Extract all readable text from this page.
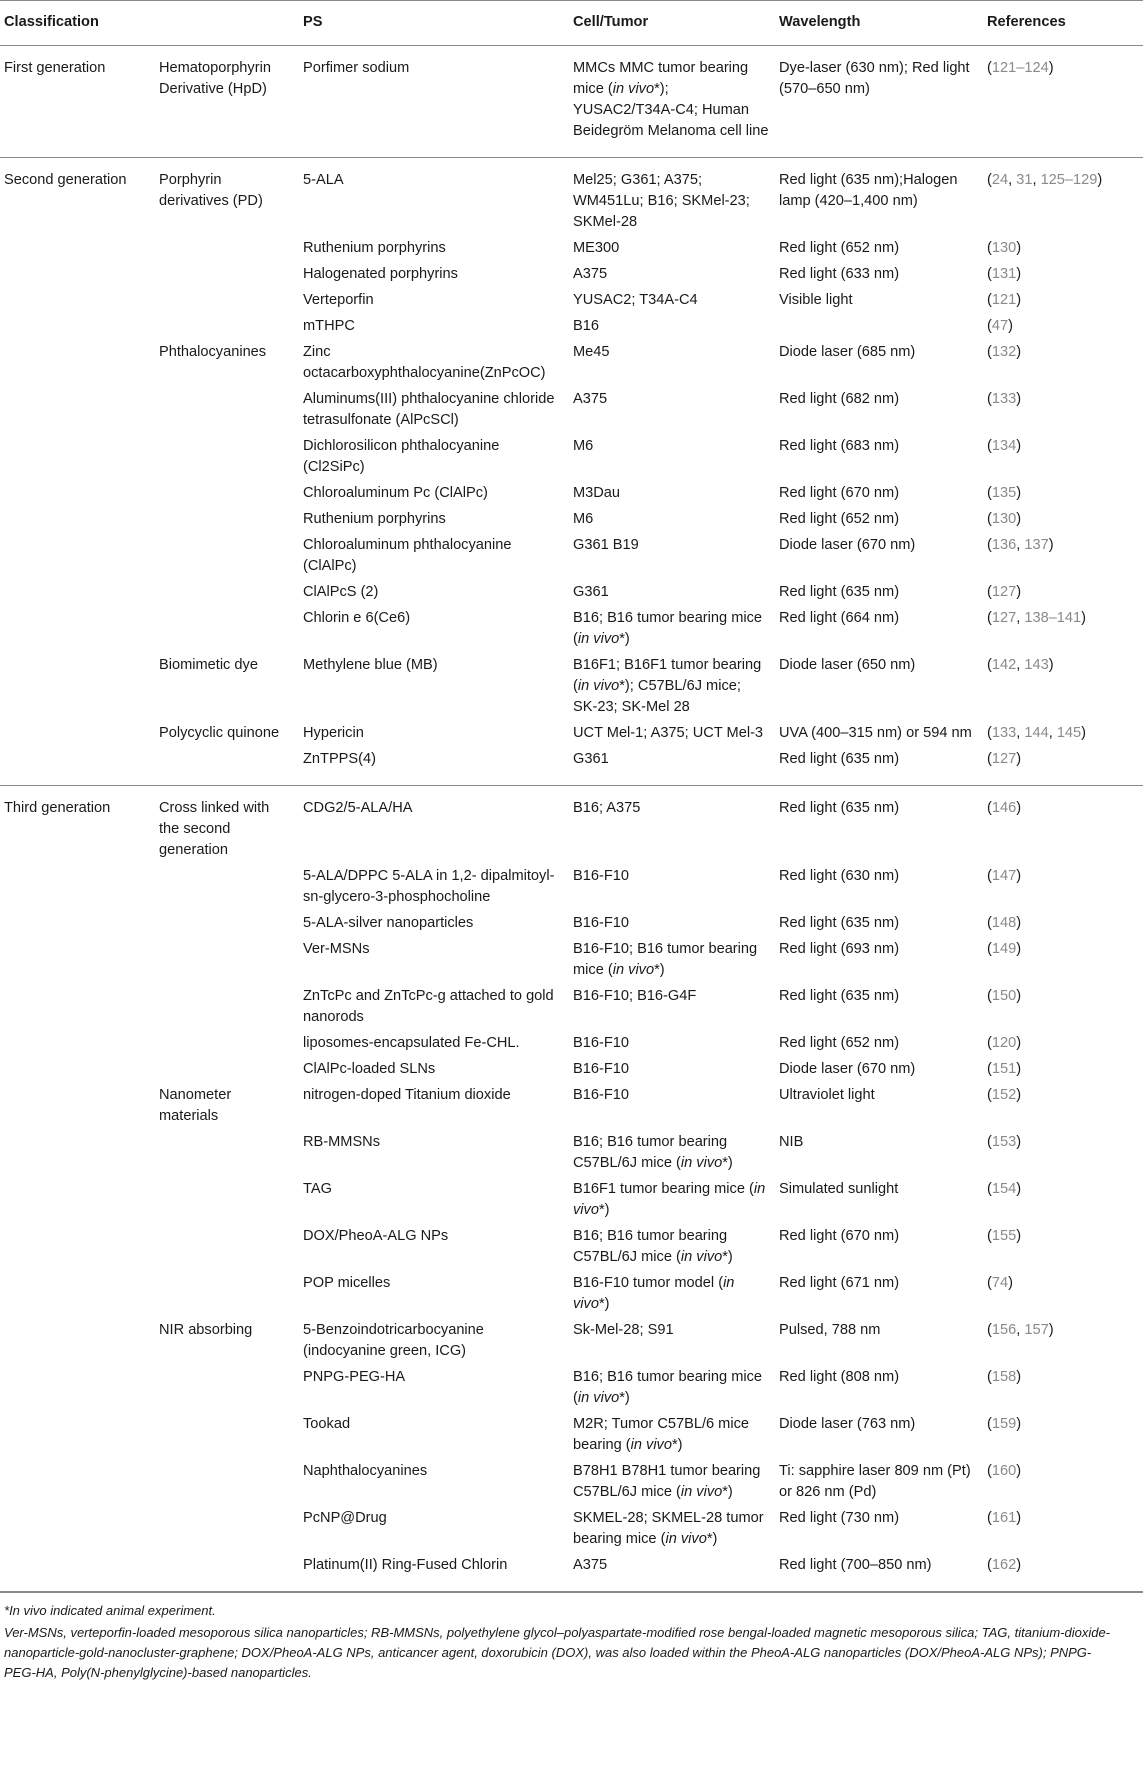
Classification		PS	Cell/Tumor	Wavelength	References
First generation	Hematoporphyrin Derivative (HpD)	Porfimer sodium	MMCs MMC tumor bearing mice (in vivo*); YUSAC2/T34A-C4; Human Beidegröm Melanoma cell line	Dye-laser (630 nm); Red light (570–650 nm)	(121–124)
Second generation	Porphyrin derivatives (PD)	5-ALA	Mel25; G361; A375; WM451Lu; B16; SKMel-23; SKMel-28	Red light (635 nm);Halogen lamp (420–1,400 nm)	(24, 31, 125–129)
		Ruthenium porphyrins	ME300	Red light (652 nm)	(130)
		Halogenated porphyrins	A375	Red light (633 nm)	(131)
		Verteporfin	YUSAC2; T34A-C4	Visible light	(121)
		mTHPC	B16		(47)
	Phthalocyanines	Zinc octacarboxyphthalocyanine(ZnPcOC)	Me45	Diode laser (685 nm)	(132)
		Aluminums(III) phthalocyanine chloride tetrasulfonate (AlPcSCl)	A375	Red light (682 nm)	(133)
		Dichlorosilicon phthalocyanine (Cl2SiPc)	M6	Red light (683 nm)	(134)
		Chloroaluminum Pc (ClAlPc)	M3Dau	Red light (670 nm)	(135)
		Ruthenium porphyrins	M6	Red light (652 nm)	(130)
		Chloroaluminum phthalocyanine (ClAlPc)	G361 B19	Diode laser (670 nm)	(136, 137)
		ClAlPcS (2)	G361	Red light (635 nm)	(127)
		Chlorin e 6(Ce6)	B16; B16 tumor bearing mice (in vivo*)	Red light (664 nm)	(127, 138–141)
	Biomimetic dye	Methylene blue (MB)	B16F1; B16F1 tumor bearing (in vivo*); C57BL/6J mice; SK-23; SK-Mel 28	Diode laser (650 nm)	(142, 143)
	Polycyclic quinone	Hypericin	UCT Mel-1; A375; UCT Mel-3	UVA (400–315 nm) or 594 nm	(133, 144, 145)
		ZnTPPS(4)	G361	Red light (635 nm)	(127)
Third generation	Cross linked with the second generation	CDG2/5-ALA/HA	B16; A375	Red light (635 nm)	(146)
		5-ALA/DPPC 5-ALA in 1,2- dipalmitoyl-sn-glycero-3-phosphocholine	B16-F10	Red light (630 nm)	(147)
		5-ALA-silver nanoparticles	B16-F10	Red light (635 nm)	(148)
		Ver-MSNs	B16-F10; B16 tumor bearing mice (in vivo*)	Red light (693 nm)	(149)
		ZnTcPc and ZnTcPc-g attached to gold nanorods	B16-F10; B16-G4F	Red light (635 nm)	(150)
		liposomes-encapsulated Fe-CHL.	B16-F10	Red light (652 nm)	(120)
		ClAlPc-loaded SLNs	B16-F10	Diode laser (670 nm)	(151)
	Nanometer materials	nitrogen-doped Titanium dioxide	B16-F10	Ultraviolet light	(152)
		RB-MMSNs	B16; B16 tumor bearing C57BL/6J mice (in vivo*)	NIB	(153)
		TAG	B16F1 tumor bearing mice (in vivo*)	Simulated sunlight	(154)
		DOX/PheoA-ALG NPs	B16; B16 tumor bearing C57BL/6J mice (in vivo*)	Red light (670 nm)	(155)
		POP micelles	B16-F10 tumor model (in vivo*)	Red light (671 nm)	(74)
	NIR absorbing	5-Benzoindotricarbocyanine (indocyanine green, ICG)	Sk-Mel-28; S91	Pulsed, 788 nm	(156, 157)
		PNPG-PEG-HA	B16; B16 tumor bearing mice (in vivo*)	Red light (808 nm)	(158)
		Tookad	M2R; Tumor C57BL/6 mice bearing (in vivo*)	Diode laser (763 nm)	(159)
		Naphthalocyanines	B78H1 B78H1 tumor bearing C57BL/6J mice (in vivo*)	Ti: sapphire laser 809 nm (Pt) or 826 nm (Pd)	(160)
		PcNP@Drug	SKMEL-28; SKMEL-28 tumor bearing mice (in vivo*)	Red light (730 nm)	(161)
		Platinum(II) Ring-Fused Chlorin	A375	Red light (700–850 nm)	(162)

*In vivo indicated animal experiment.

Ver-MSNs, verteporfin-loaded mesoporous silica nanoparticles; RB-MMSNs, polyethylene glycol–polyaspartate-modified rose bengal-loaded magnetic mesoporous silica; TAG, titanium-dioxide-nanoparticle-gold-nanocluster-graphene; DOX/PheoA-ALG NPs, anticancer agent, doxorubicin (DOX), was also loaded within the PheoA-ALG nanoparticles (DOX/PheoA-ALG NPs); PNPG-PEG-HA, Poly(N-phenylglycine)-based nanoparticles.
